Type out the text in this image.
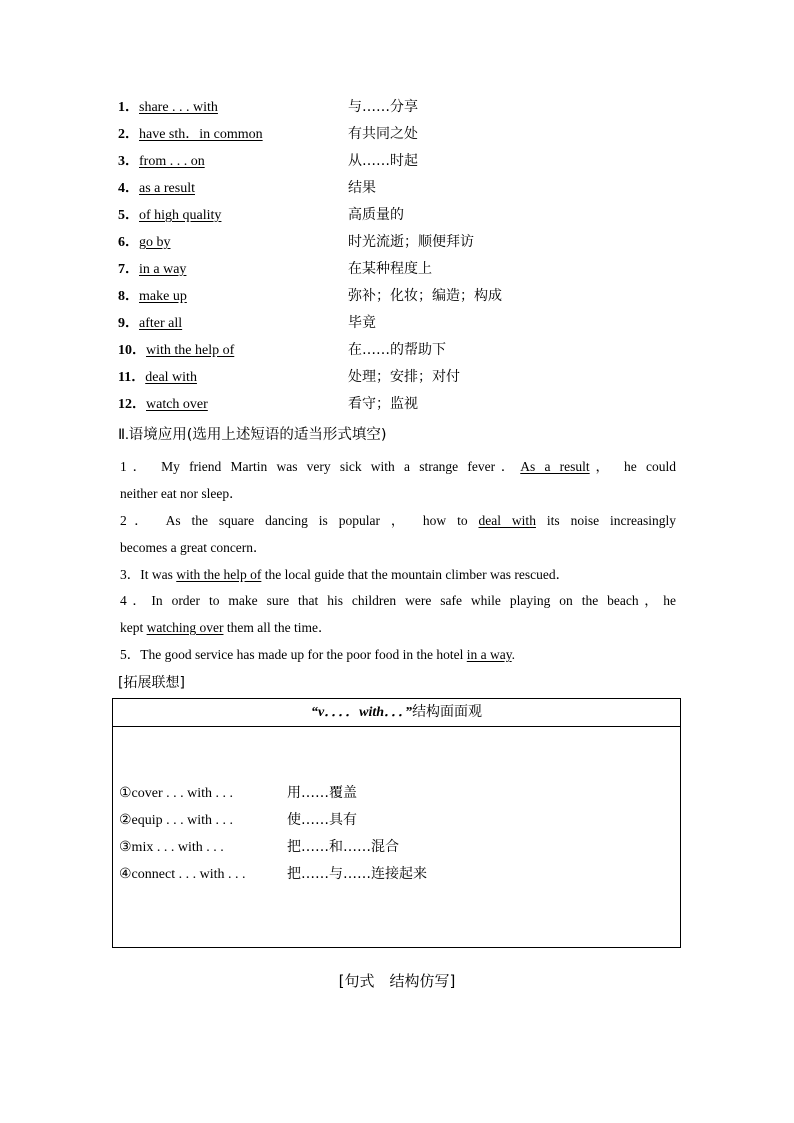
1．share . . . with	与……分享
2．have sth．in common	有共同之处
3．from . . . on	从……时起
4．as a result	结果
5．of high quality	高质量的
6．go by	时光流逝；顺便拜访
7．in a way	在某种程度上
8．make up	弥补；化妆；编造；构成
9．after all	毕竟
10．with the help of	在……的帮助下
11．deal with	处理；安排；对付
12．watch over	看守；监视
Ⅱ.语境应用(选用上述短语的适当形式填空)
1． My friend Martin was very sick with a strange fever．As a result， he could
neither eat nor sleep．
2． As the square dancing is popular ， how to deal with its noise increasingly
becomes a great concern．
3．It was with the help of the local guide that the mountain climber was rescued．
4．In order to make sure that his children were safe while playing on the beach，he
kept watching over them all the time．
5．The good service has made up for the poor food in the hotel in a way.
[拓展联想]
“v．．．．with．．．”结构面面观
①cover . . . with . . .	用……覆盖
②equip . . . with . . .	使……具有
③mix . . . with . . .	把……和……混合
④connect . . . with . . .	把……与……连接起来
[句式　结构仿写]
